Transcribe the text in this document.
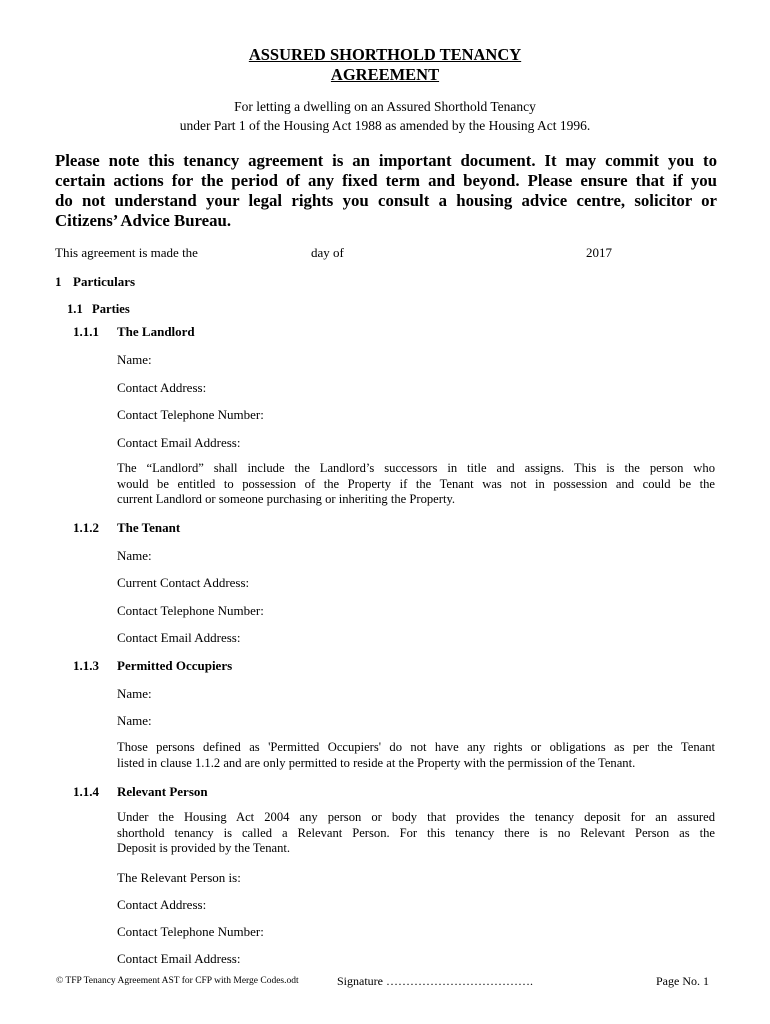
ASSURED SHORTHOLD TENANCY
AGREEMENT
For letting a dwelling on an Assured Shorthold Tenancy
under Part 1 of the Housing Act 1988 as amended by the Housing Act 1996.
Please note this tenancy agreement is an important document. It may commit you to
certain actions for the period of any fixed term and beyond. Please ensure that if you
do not understand your legal rights you consult a housing advice centre, solicitor or
Citizens’ Advice Bureau.
This agreement is made the	day of	2017
1 Particulars
1.1 Parties
1.1.1 The Landlord
Name:
Contact Address:
Contact Telephone Number:
Contact Email Address:
The “Landlord” shall include the Landlord’s successors in title and assigns. This is the person who
would be entitled to possession of the Property if the Tenant was not in possession and could be the
current Landlord or someone purchasing or inheriting the Property.
1.1.2 The Tenant
Name:
Current Contact Address:
Contact Telephone Number:
Contact Email Address:
1.1.3 Permitted Occupiers
Name:
Name:
Those persons defined as 'Permitted Occupiers' do not have any rights or obligations as per the Tenant
listed in clause 1.1.2 and are only permitted to reside at the Property with the permission of the Tenant.
1.1.4 Relevant Person
Under the Housing Act 2004 any person or body that provides the tenancy deposit for an assured
shorthold tenancy is called a Relevant Person. For this tenancy there is no Relevant Person as the
Deposit is provided by the Tenant.
The Relevant Person is:
Contact Address:
Contact Telephone Number:
Contact Email Address:
© TFP Tenancy Agreement AST for CFP with Merge Codes.odt	Signature ……………………………….	Page No. 1
